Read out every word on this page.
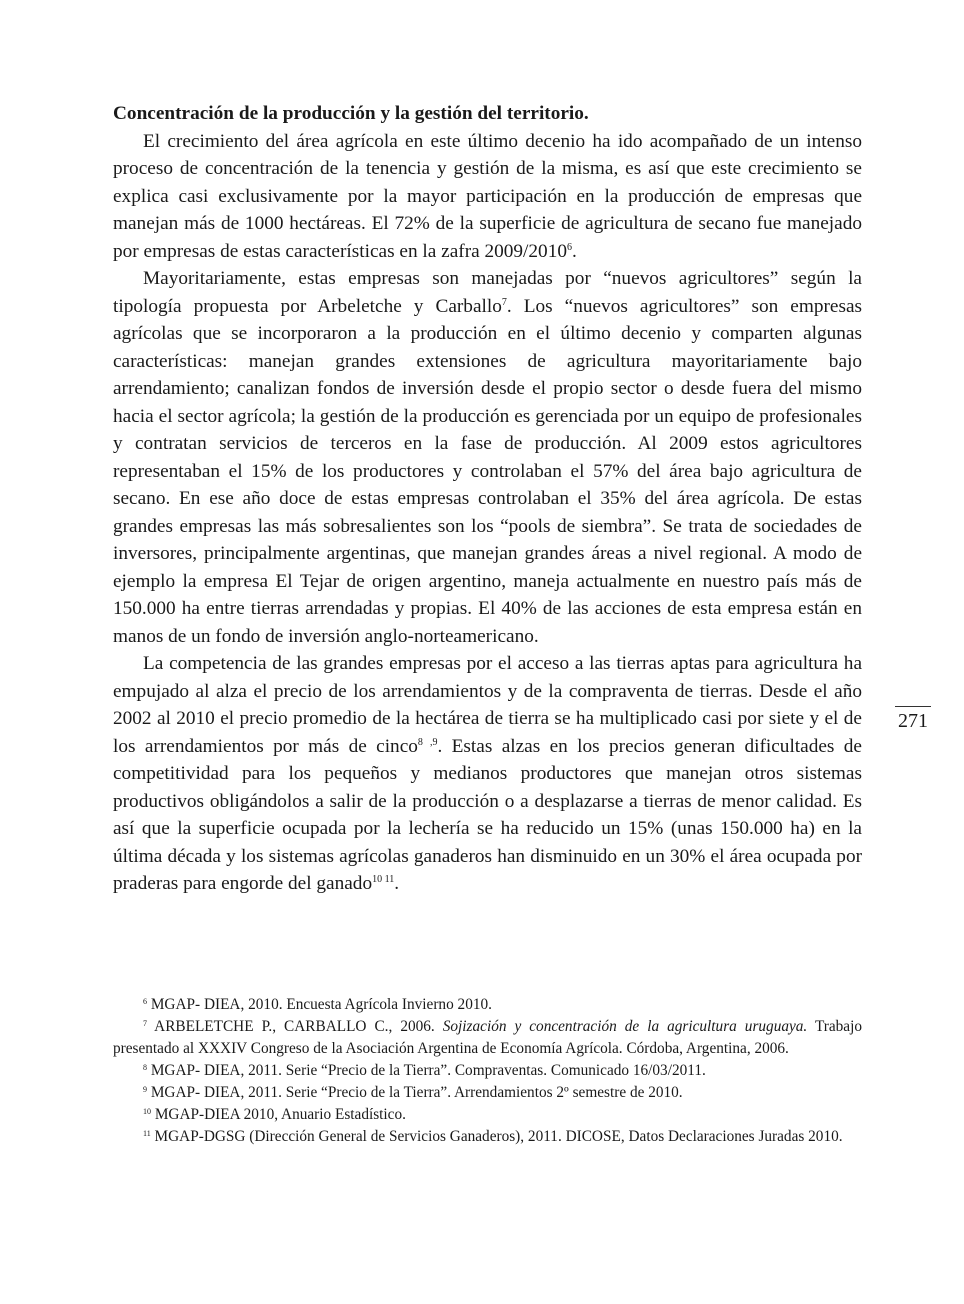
Concentración de la producción y la gestión del territorio.

El crecimiento del área agrícola en este último decenio ha ido acompañado de un intenso proceso de concentración de la tenencia y gestión de la misma, es así que este crecimiento se explica casi exclusivamente por la mayor participación en la producción de empresas que manejan más de 1000 hectáreas. El 72% de la superficie de agricultura de secano fue manejado por empresas de estas características en la zafra 2009/2010$^6$.

Mayoritariamente, estas empresas son manejadas por “nuevos agricultores” según la tipología propuesta por Arbeletche y Carballo$^7$. Los “nuevos agricultores” son empresas agrícolas que se incorporaron a la producción en el último decenio y comparten algunas características: manejan grandes extensiones de agricultura mayoritariamente bajo arrendamiento; canalizan fondos de inversión desde el propio sector o desde fuera del mismo hacia el sector agrícola; la gestión de la producción es gerenciada por un equipo de profesionales y contratan servicios de terceros en la fase de producción. Al 2009 estos agricultores representaban el 15% de los productores y controlaban el 57% del área bajo agricultura de secano. En ese año doce de estas empresas controlaban el 35% del área agrícola. De estas grandes empresas las más sobresalientes son los “pools de siembra”. Se trata de sociedades de inversores, principalmente argentinas, que manejan grandes áreas a nivel regional. A modo de ejemplo la empresa El Tejar de origen argentino, maneja actualmente en nuestro país más de 150.000 ha entre tierras arrendadas y propias. El 40% de las acciones de esta empresa están en manos de un fondo de inversión anglo-norteamericano.

La competencia de las grandes empresas por el acceso a las tierras aptas para agricultura ha empujado al alza el precio de los arrendamientos y de la compraventa de tierras. Desde el año 2002 al 2010 el precio promedio de la hectárea de tierra se ha multiplicado casi por siete y el de los arrendamientos por más de cinco$^{8 ,9}$. Estas alzas en los precios generan dificultades de competitividad para los pequeños y medianos productores que manejan otros sistemas productivos obligándolos a salir de la producción o a desplazarse a tierras de menor calidad. Es así que la superficie ocupada por la lechería se ha reducido un 15% (unas 150.000 ha) en la última década y los sistemas agrícolas ganaderos han disminuido en un 30% el área ocupada por praderas para engorde del ganado$^{10 11}$.

271

$^6$ MGAP- DIEA, 2010. Encuesta Agrícola Invierno 2010.

$^7$ ARBELETCHE P., CARBALLO C., 2006. Sojización y concentración de la agricultura uruguaya. Trabajo presentado al XXXIV Congreso de la Asociación Argentina de Economía Agrícola. Córdoba, Argentina, 2006.

$^8$ MGAP- DIEA, 2011. Serie “Precio de la Tierra”. Compraventas. Comunicado 16/03/2011.

$^9$ MGAP- DIEA, 2011. Serie “Precio de la Tierra”. Arrendamientos 2º semestre de 2010.

$^{10}$ MGAP-DIEA 2010, Anuario Estadístico.

$^{11}$ MGAP-DGSG (Dirección General de Servicios Ganaderos), 2011. DICOSE, Datos Declaraciones Juradas 2010.
